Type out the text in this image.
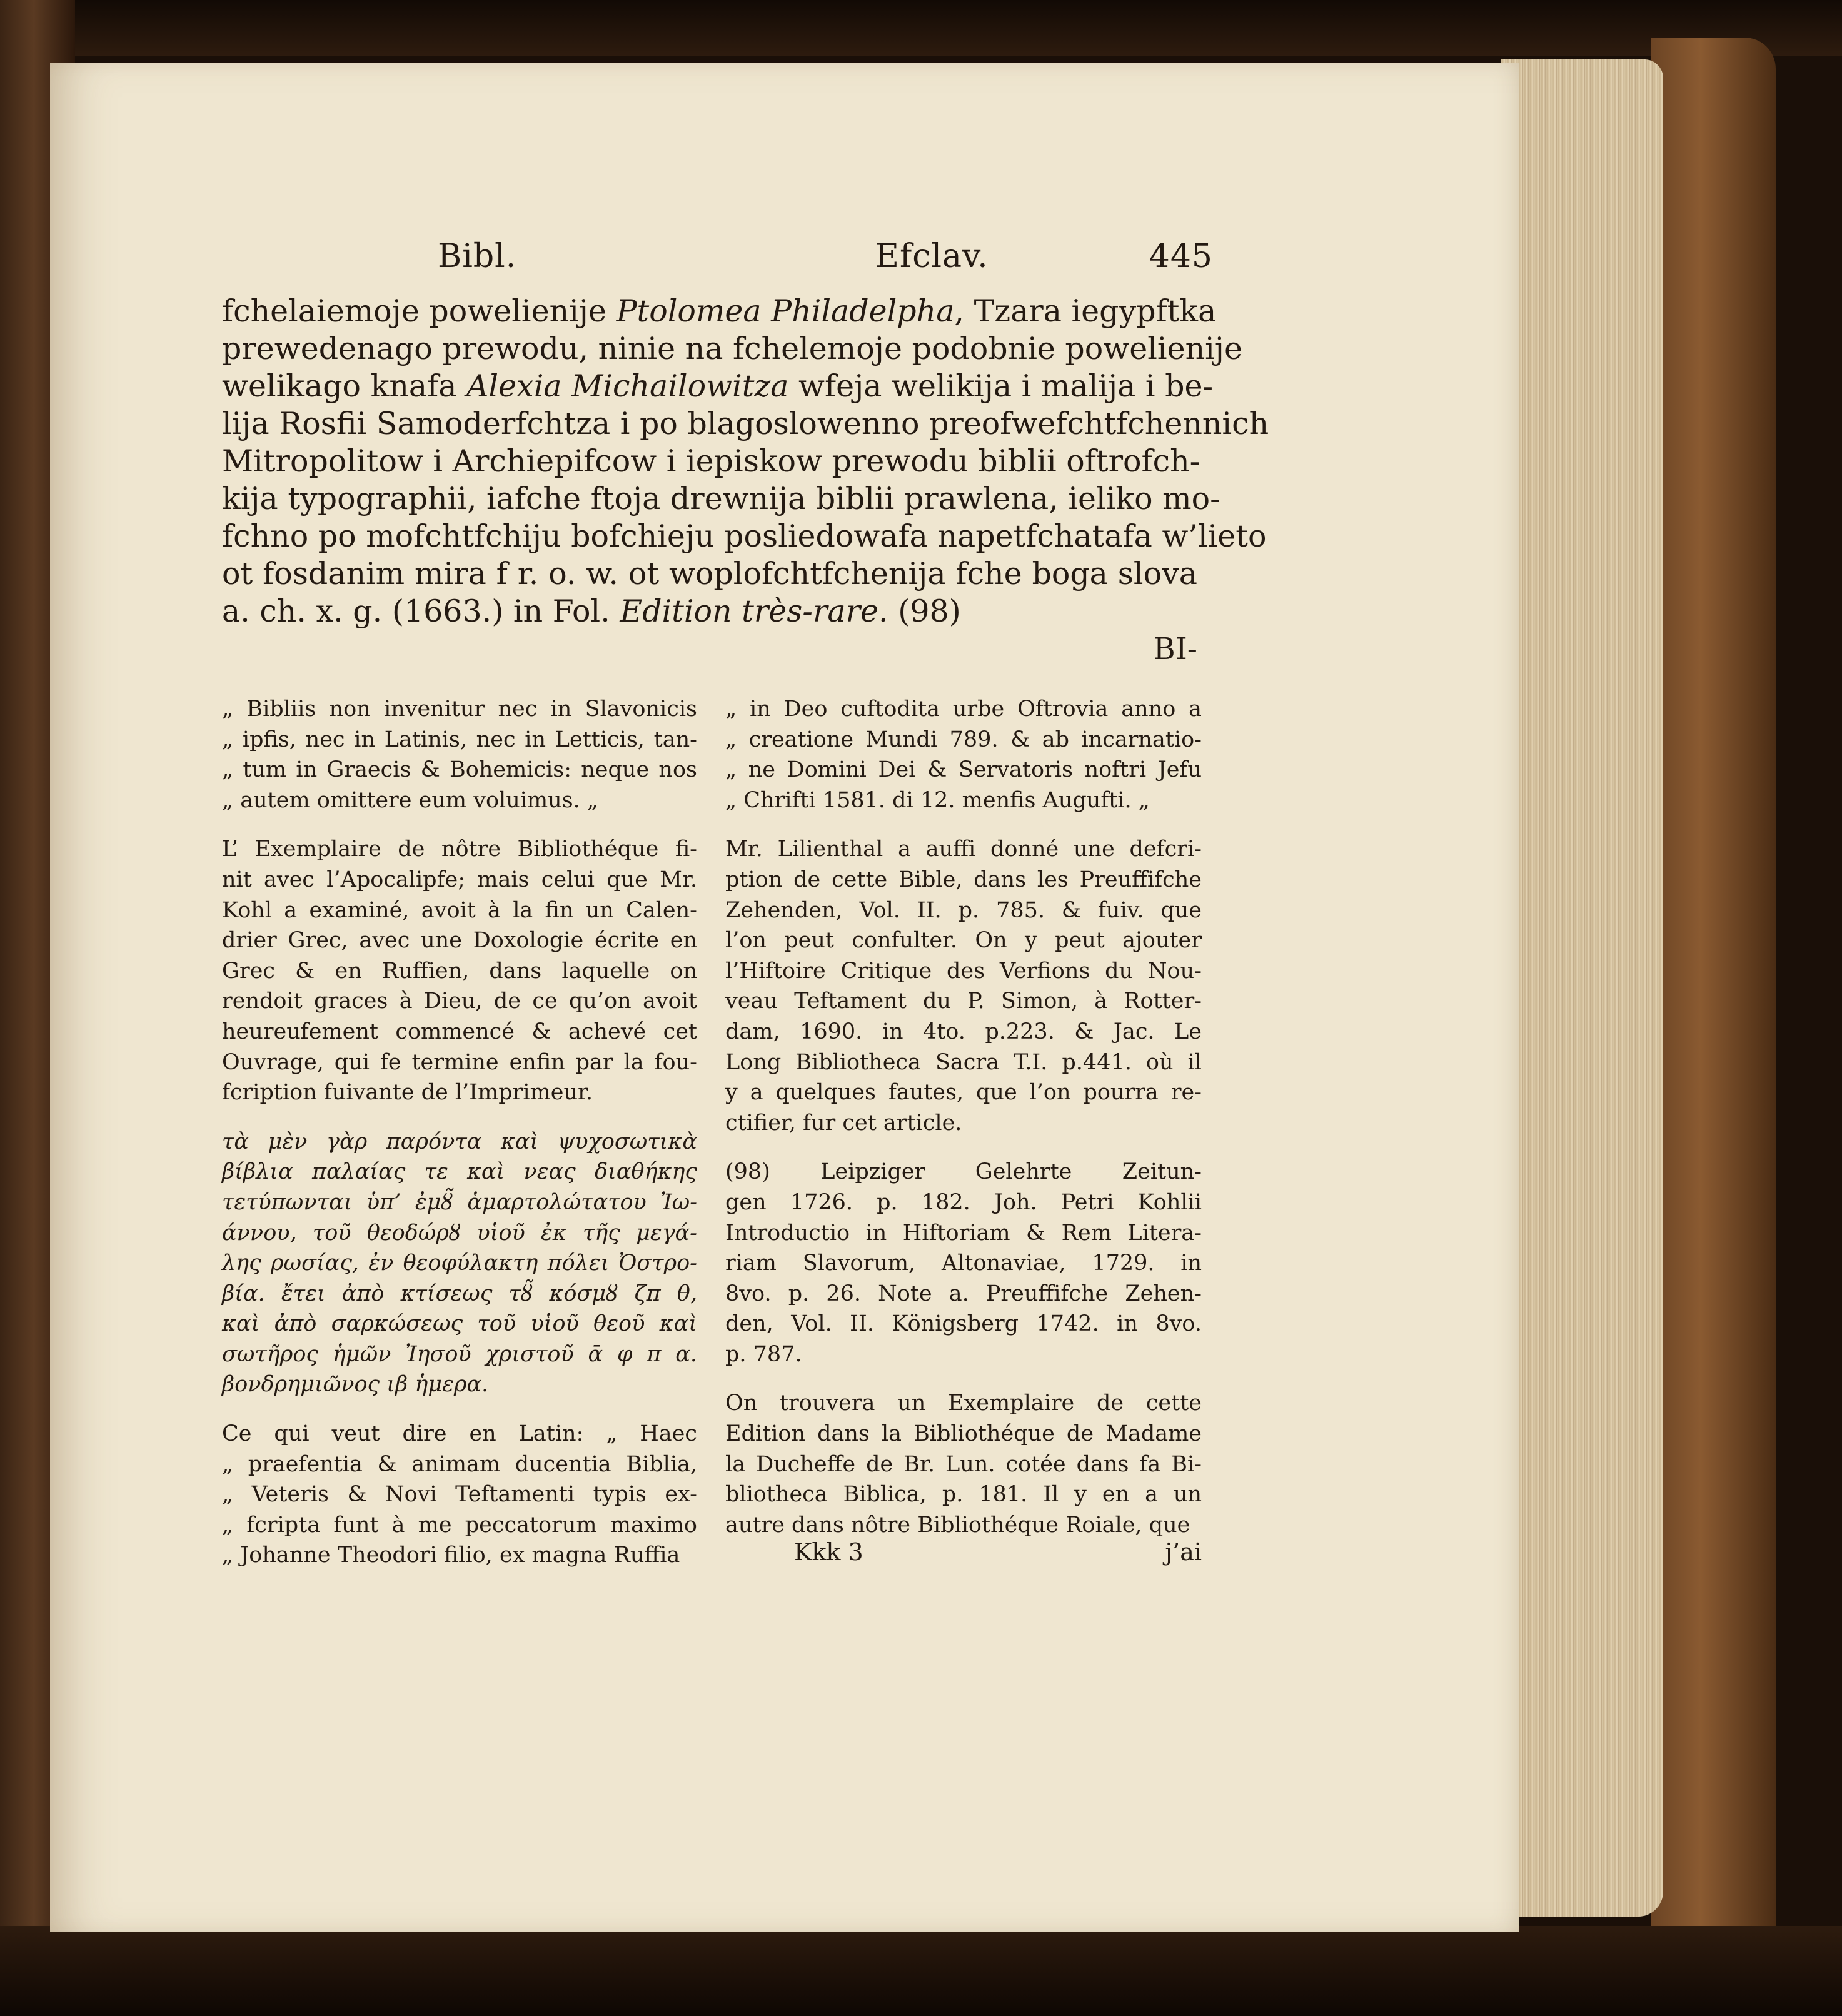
Bibl.	Efclav.	445
fchelaiemoje powelienije Ptolomea Philadelpha, Tzara iegypftka
prewedenago prewodu, ninie na fchelemoje podobnie powelienije
welikago knafa Alexia Michailowitza wfeja welikija i malija i be-
lija Rosfii Samoderfchtza i po blagoslowenno preofwefchtfchennich
Mitropolitow i Archiepifcow i iepiskow prewodu biblii oftrofch-
kija typographii, iafche ftoja drewnija biblii prawlena, ieliko mo-
fchno po mofchtfchiju bofchieju posliedowafa napetfchatafa w’lieto
ot fosdanim mira f r. o. w. ot woplofchtfchenija fche boga slova
a. ch. x. g. (1663.) in Fol. Edition très-rare. (98)
BI-

„ Bibliis non invenitur nec in Slavonicis
„ ipfis, nec in Latinis, nec in Letticis, tan-
„ tum in Graecis & Bohemicis: neque nos
„ autem omittere eum voluimus. „

L’ Exemplaire de nôtre Bibliothéque fi-
nit avec l’Apocalipfe; mais celui que Mr.
Kohl a examiné, avoit à la fin un Calen-
drier Grec, avec une Doxologie écrite en
Grec & en Ruffien, dans laquelle on
rendoit graces à Dieu, de ce qu’on avoit
heureufement commencé & achevé cet
Ouvrage, qui fe termine enfin par la fou-
fcription fuivante de l’Imprimeur.

τὰ μὲν γὰρ παρόντα καὶ ψυχοσωτικὰ
βίβλια παλαίας τε καὶ νεας διαθήκης
τετύπωνται ὑπ’ ἐμȣ̃ ἁμαρτολώτατου Ἰω-
άννου, τοῦ θεοδώρȣ υἱοῦ ἐκ τῆς μεγά-
λης ρωσίας, ἐν θεοφύλακτη πόλει Ὀστρο-
βία. ἔτει ἀπὸ κτίσεως τȣ̃ κόσμȣ ζπ θ,
καὶ ἀπὸ σαρκώσεως τοῦ υἱοῦ θεοῦ καὶ
σωτῆρος ἡμῶν Ἰησοῦ χριστοῦ ᾱ φ π α.
βονδρημιῶνος ιβ ἡμερα.

Ce qui veut dire en Latin: „ Haec
„ praefentia & animam ducentia Biblia,
„ Veteris & Novi Teftamenti typis ex-
„ fcripta funt à me peccatorum maximo
„ Johanne Theodori filio, ex magna Ruffia

„ in Deo cuftodita urbe Oftrovia anno a
„ creatione Mundi 789. & ab incarnatio-
„ ne Domini Dei & Servatoris noftri Jefu
„ Chrifti 1581. di 12. menfis Augufti. „

Mr. Lilienthal a auffi donné une defcri-
ption de cette Bible, dans les Preuffifche
Zehenden, Vol. II. p. 785. & fuiv. que
l’on peut confulter. On y peut ajouter
l’Hiftoire Critique des Verfions du Nou-
veau Teftament du P. Simon, à Rotter-
dam, 1690. in 4to. p.223. & Jac. Le
Long Bibliotheca Sacra T.I. p.441. où il
y a quelques fautes, que l’on pourra re-
ctifier, fur cet article.

(98) Leipziger Gelehrte Zeitun-
gen 1726. p. 182. Joh. Petri Kohlii
Introductio in Hiftoriam & Rem Litera-
riam Slavorum, Altonaviae, 1729. in
8vo. p. 26. Note a. Preuffifche Zehen-
den, Vol. II. Königsberg 1742. in 8vo.
p. 787.

On trouvera un Exemplaire de cette
Edition dans la Bibliothéque de Madame
la Ducheffe de Br. Lun. cotée dans fa Bi-
bliotheca Biblica, p. 181. Il y en a un
autre dans nôtre Bibliothéque Roiale, que

Kkk 3	j’ai
